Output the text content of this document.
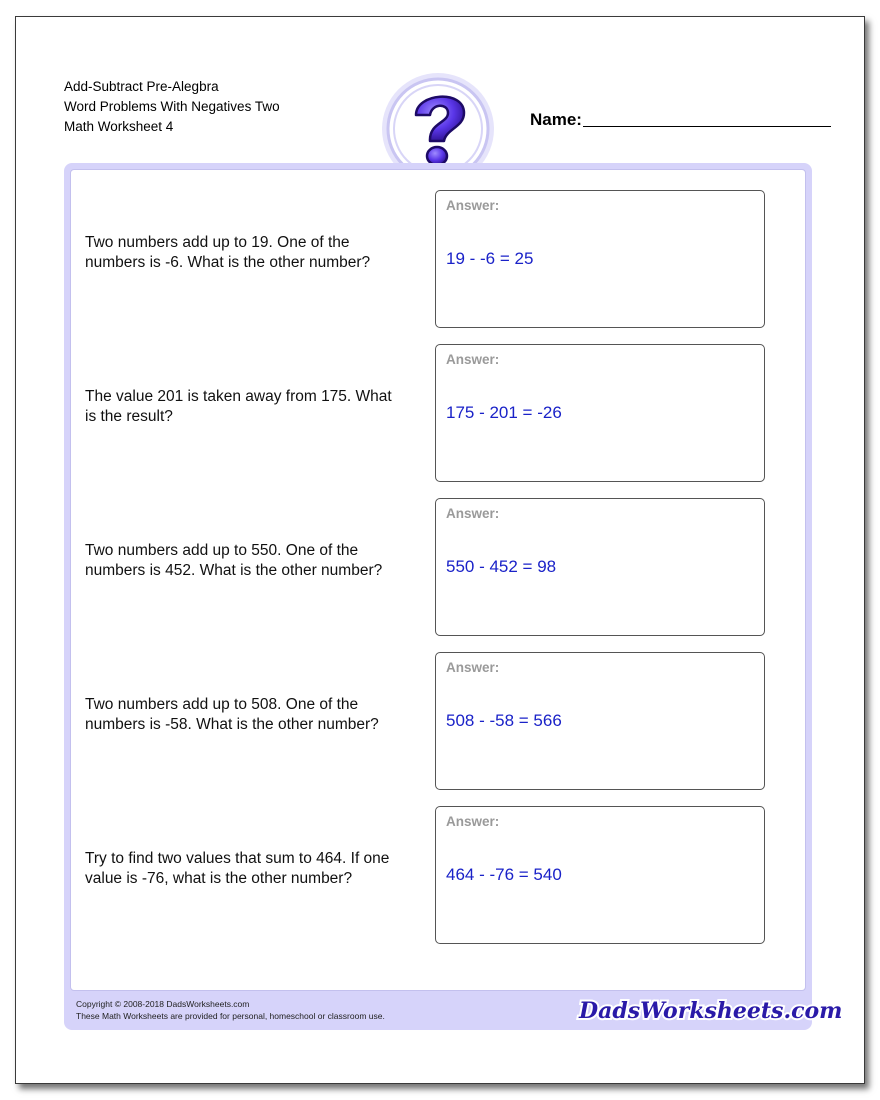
Add-Subtract Pre-Alegbra
Word Problems With Negatives Two
Math Worksheet 4	Name:
Two numbers add up to 19. One of the numbers is -6. What is the other number?
Answer:
19 - -6 = 25
The value 201 is taken away from 175. What is the result?
Answer:
175 - 201 = -26
Two numbers add up to 550. One of the numbers is 452. What is the other number?
Answer:
550 - 452 = 98
Two numbers add up to 508. One of the numbers is -58. What is the other number?
Answer:
508 - -58 = 566
Try to find two values that sum to 464. If one value is -76, what is the other number?
Answer:
464 - -76 = 540
Copyright © 2008-2018 DadsWorksheets.com
These Math Worksheets are provided for personal, homeschool or classroom use.	DadsWorksheets.com
